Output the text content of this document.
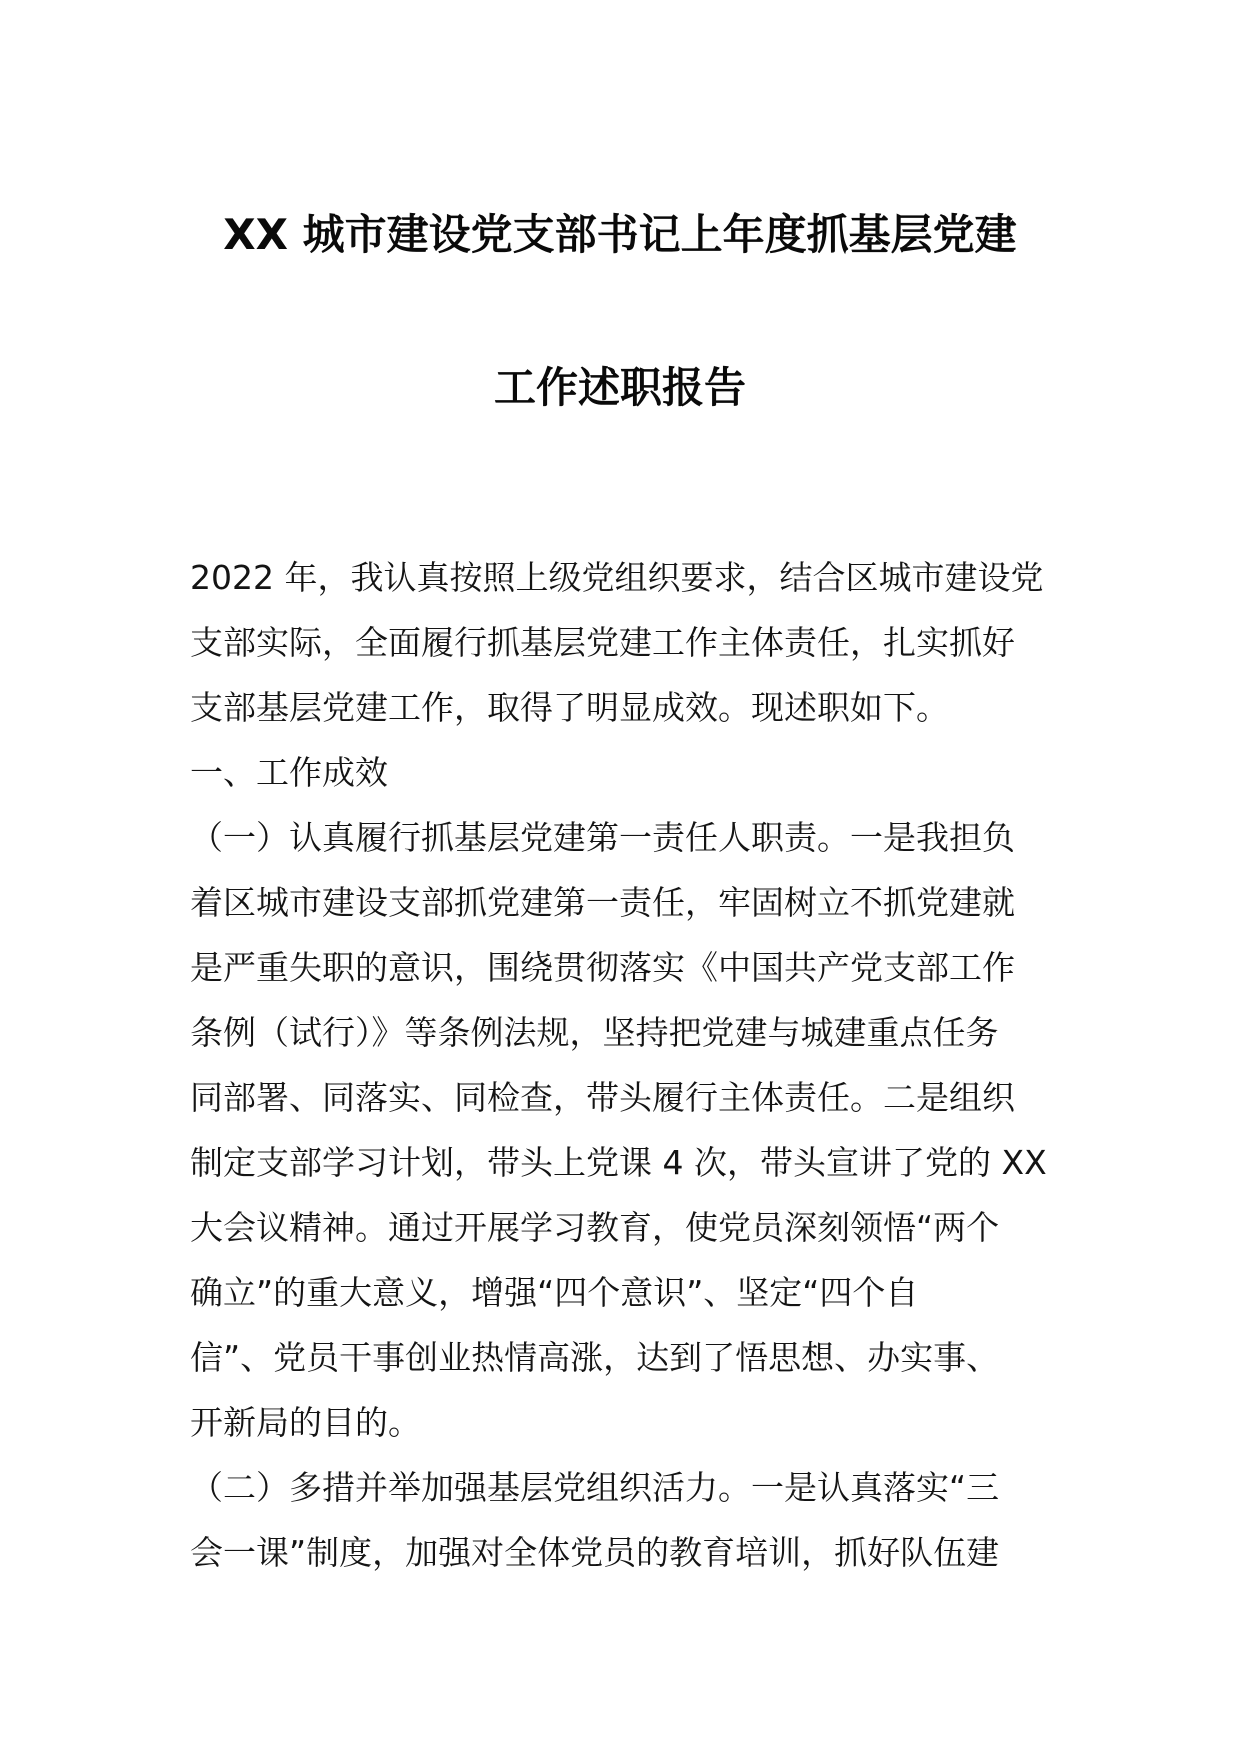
XX 城市建设党支部书记上年度抓基层党建
工作述职报告
2022 年，我认真按照上级党组织要求，结合区城市建设党
支部实际，全面履行抓基层党建工作主体责任，扎实抓好
支部基层党建工作，取得了明显成效。现述职如下。
一、工作成效
（一）认真履行抓基层党建第一责任人职责。一是我担负
着区城市建设支部抓党建第一责任，牢固树立不抓党建就
是严重失职的意识，围绕贯彻落实《中国共产党支部工作
条例（试行）》等条例法规，坚持把党建与城建重点任务
同部署、同落实、同检查，带头履行主体责任。二是组织
制定支部学习计划，带头上党课 4 次，带头宣讲了党的 XX
大会议精神。通过开展学习教育，使党员深刻领悟“两个
确立”的重大意义，增强“四个意识”、坚定“四个自
信”、党员干事创业热情高涨，达到了悟思想、办实事、
开新局的目的。
（二）多措并举加强基层党组织活力。一是认真落实“三
会一课”制度，加强对全体党员的教育培训，抓好队伍建
